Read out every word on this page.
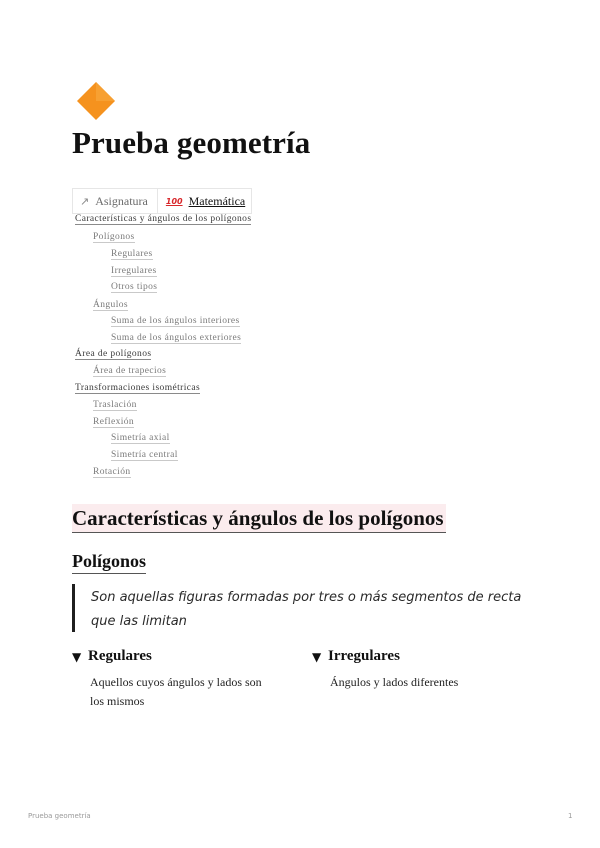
Prueba geometría
↗ Asignatura 100 Matemática
Características y ángulos de los polígonos
Polígonos
Regulares
Irregulares
Otros tipos
Ángulos
Suma de los ángulos interiores
Suma de los ángulos exteriores
Área de polígonos
Área de trapecios
Transformaciones isométricas
Traslación
Reflexión
Simetría axial
Simetría central
Rotación
Características y ángulos de los polígonos
Polígonos
Son aquellas figuras formadas por tres o más segmentos de recta que las limitan
▼ Regulares
Aquellos cuyos ángulos y lados son los mismos
▼ Irregulares
Ángulos y lados diferentes
Prueba geometría	1
